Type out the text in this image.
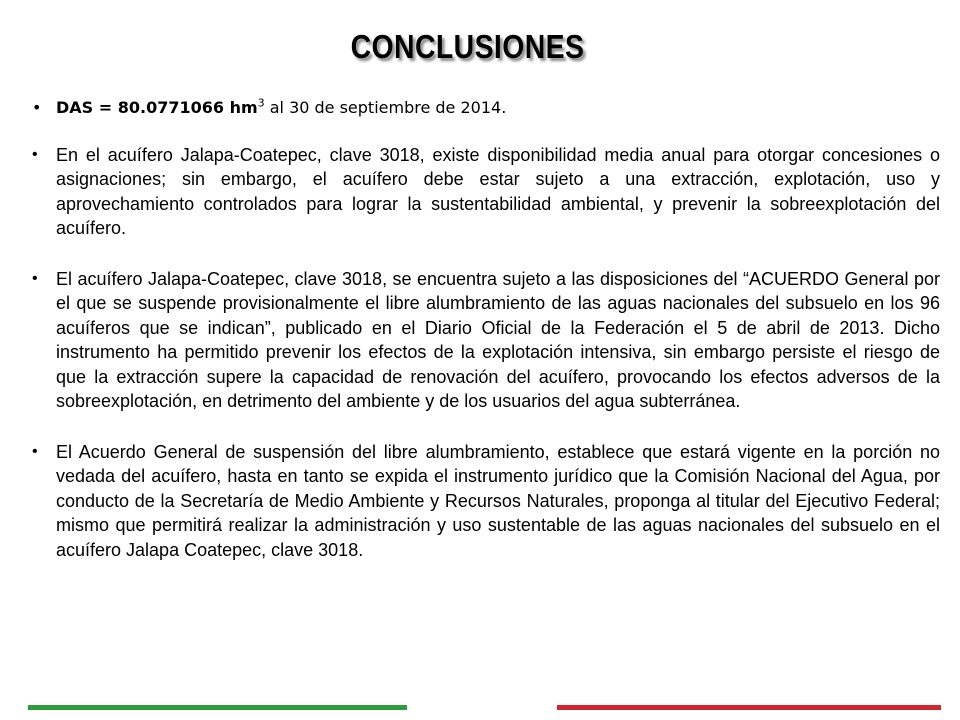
CONCLUSIONES
• DAS = 80.0771066 $hm^3$ al 30 de septiembre de 2014.
• En el acuífero Jalapa-Coatepec, clave 3018, existe disponibilidad media anual para otorgar concesiones o asignaciones; sin embargo, el acuífero debe estar sujeto a una extracción, explotación, uso y aprovechamiento controlados para lograr la sustentabilidad ambiental, y prevenir la sobreexplotación del acuífero.
• El acuífero Jalapa-Coatepec, clave 3018, se encuentra sujeto a las disposiciones del “ACUERDO General por el que se suspende provisionalmente el libre alumbramiento de las aguas nacionales del subsuelo en los 96 acuíferos que se indican”, publicado en el Diario Oficial de la Federación el 5 de abril de 2013. Dicho instrumento ha permitido prevenir los efectos de la explotación intensiva, sin embargo persiste el riesgo de que la extracción supere la capacidad de renovación del acuífero, provocando los efectos adversos de la sobreexplotación, en detrimento del ambiente y de los usuarios del agua subterránea.
• El Acuerdo General de suspensión del libre alumbramiento, establece que estará vigente en la porción no vedada del acuífero, hasta en tanto se expida el instrumento jurídico que la Comisión Nacional del Agua, por conducto de la Secretaría de Medio Ambiente y Recursos Naturales, proponga al titular del Ejecutivo Federal; mismo que permitirá realizar la administración y uso sustentable de las aguas nacionales del subsuelo en el acuífero Jalapa Coatepec, clave 3018.
